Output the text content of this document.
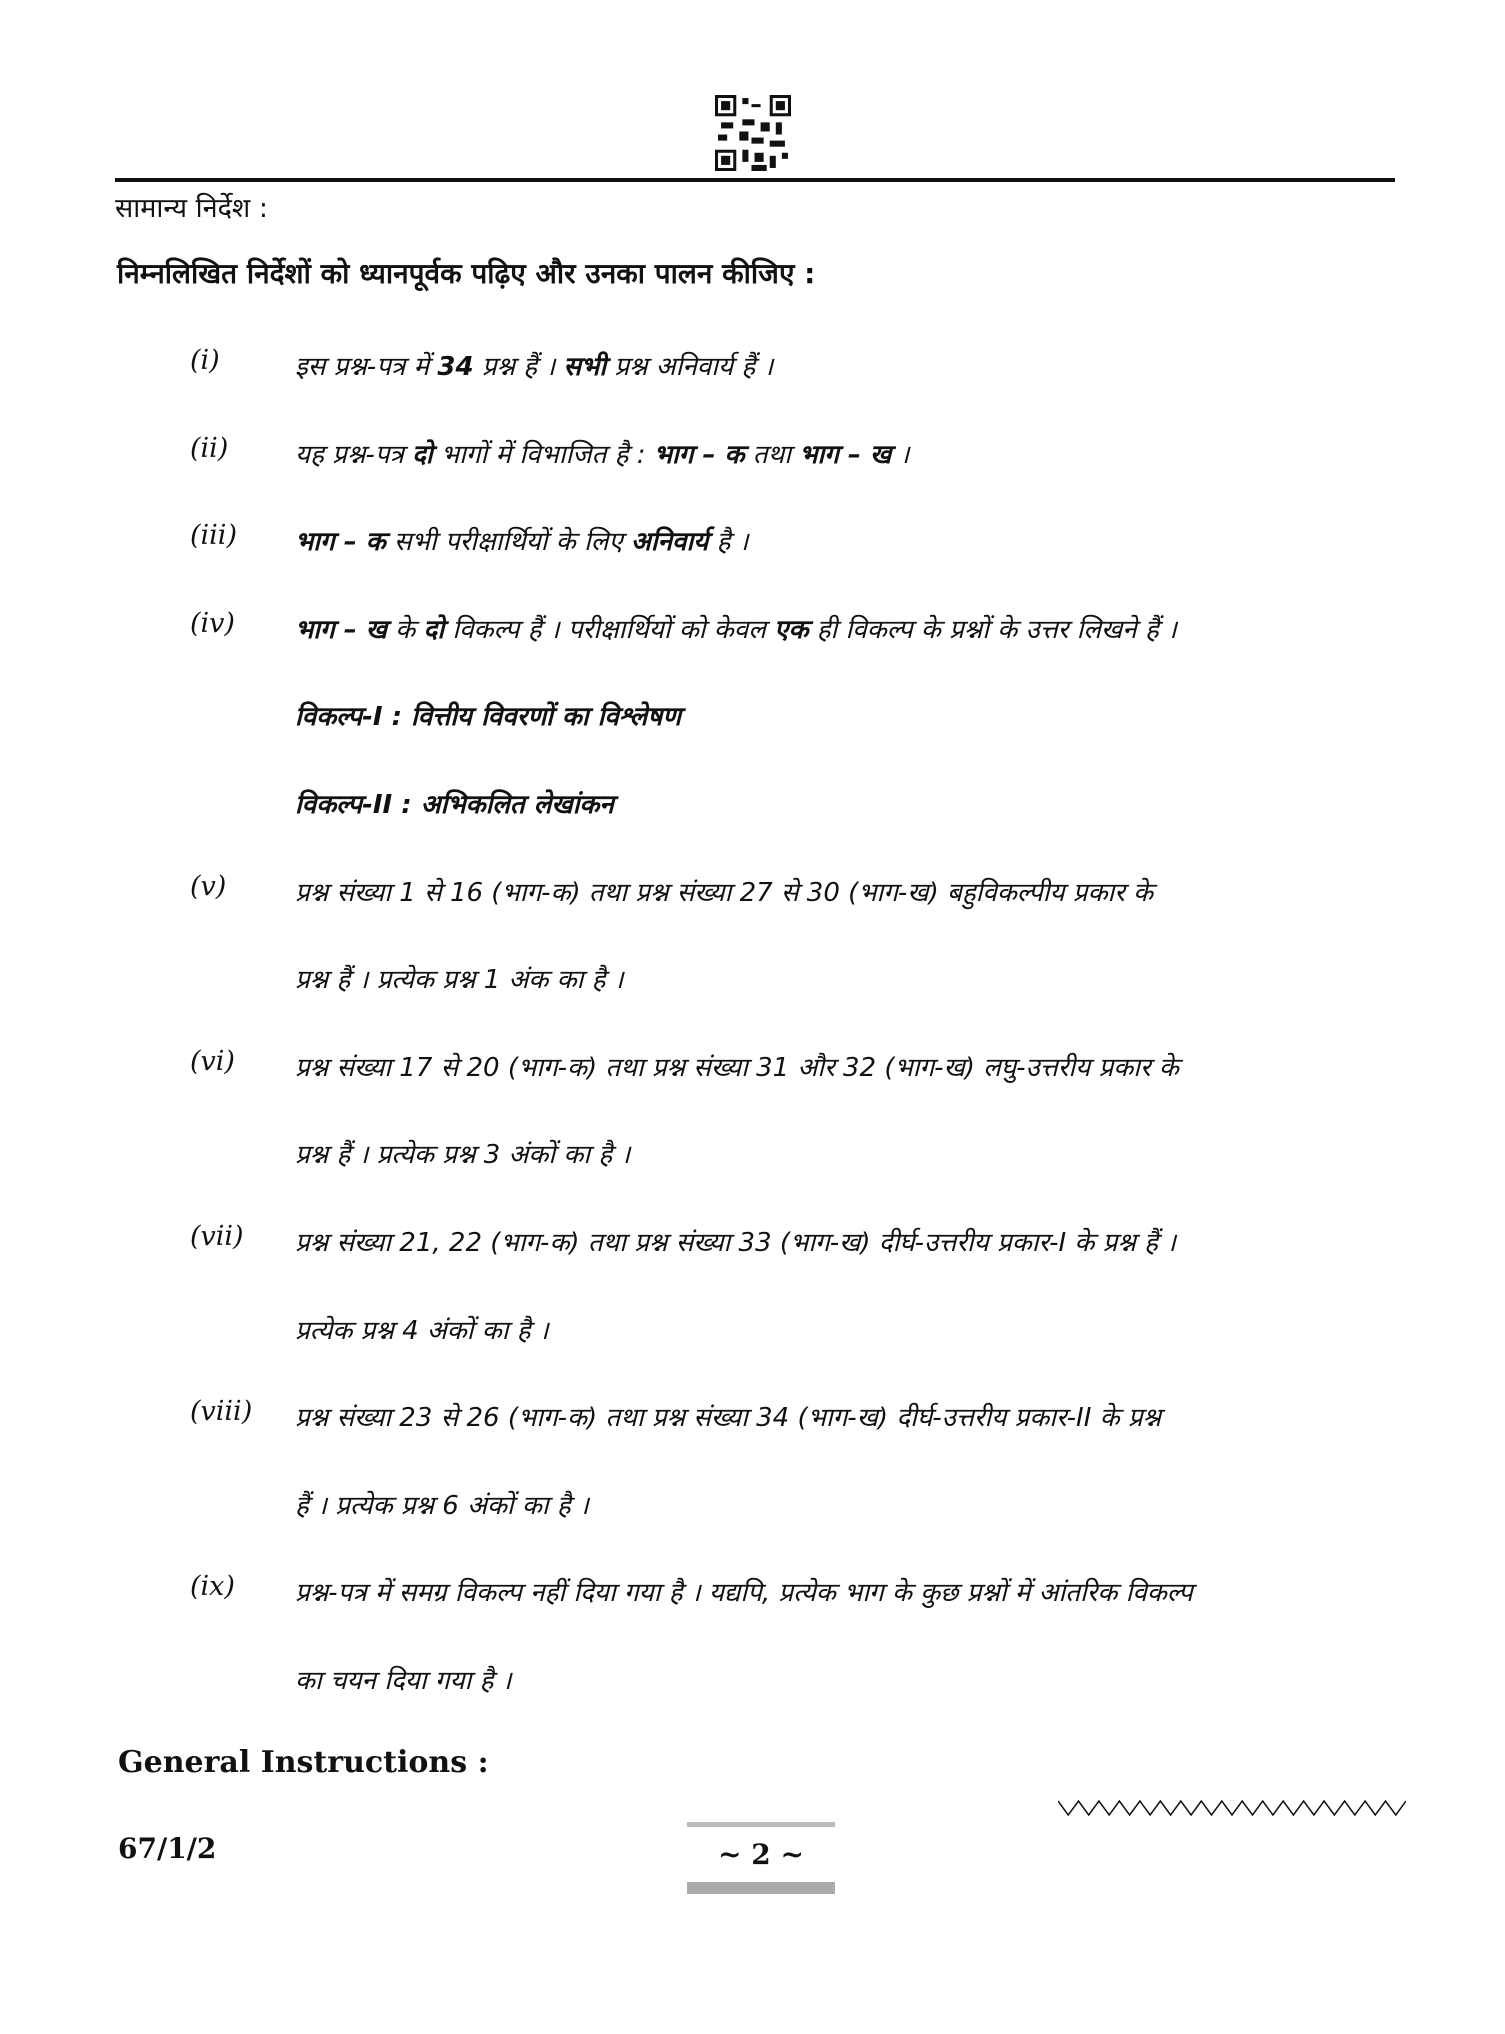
सामान्य निर्देश :
निम्नलिखित निर्देशों को ध्यानपूर्वक पढ़िए और उनका पालन कीजिए :
(i)	इस प्रश्न-पत्र में 34 प्रश्न हैं । सभी प्रश्न अनिवार्य हैं ।
(ii)	यह प्रश्न-पत्र दो भागों में विभाजित है : भाग – क तथा भाग – ख ।
(iii) भाग – क सभी परीक्षार्थियों के लिए अनिवार्य है ।
(iv) भाग – ख के दो विकल्प हैं । परीक्षार्थियों को केवल एक ही विकल्प के प्रश्नों के उत्तर लिखने हैं ।
विकल्प-I : वित्तीय विवरणों का विश्लेषण
विकल्प-II : अभिकलित लेखांकन
(v)	प्रश्न संख्या 1 से 16 (भाग-क) तथा प्रश्न संख्या 27 से 30 (भाग-ख) बहुविकल्पीय प्रकार के
प्रश्न हैं । प्रत्येक प्रश्न 1 अंक का है ।
(vi) प्रश्न संख्या 17 से 20 (भाग-क) तथा प्रश्न संख्या 31 और 32 (भाग-ख) लघु-उत्तरीय प्रकार के
प्रश्न हैं । प्रत्येक प्रश्न 3 अंकों का है ।
(vii) प्रश्न संख्या 21, 22 (भाग-क) तथा प्रश्न संख्या 33 (भाग-ख) दीर्घ-उत्तरीय प्रकार-I के प्रश्न हैं ।
प्रत्येक प्रश्न 4 अंकों का है ।
(viii) प्रश्न संख्या 23 से 26 (भाग-क) तथा प्रश्न संख्या 34 (भाग-ख) दीर्घ-उत्तरीय प्रकार-II के प्रश्न
हैं । प्रत्येक प्रश्न 6 अंकों का है ।
(ix) प्रश्न-पत्र में समग्र विकल्प नहीं दिया गया है । यद्यपि, प्रत्येक भाग के कुछ प्रश्नों में आंतरिक विकल्प
का चयन दिया गया है ।
General Instructions :
67/1/2	~ 2 ~
